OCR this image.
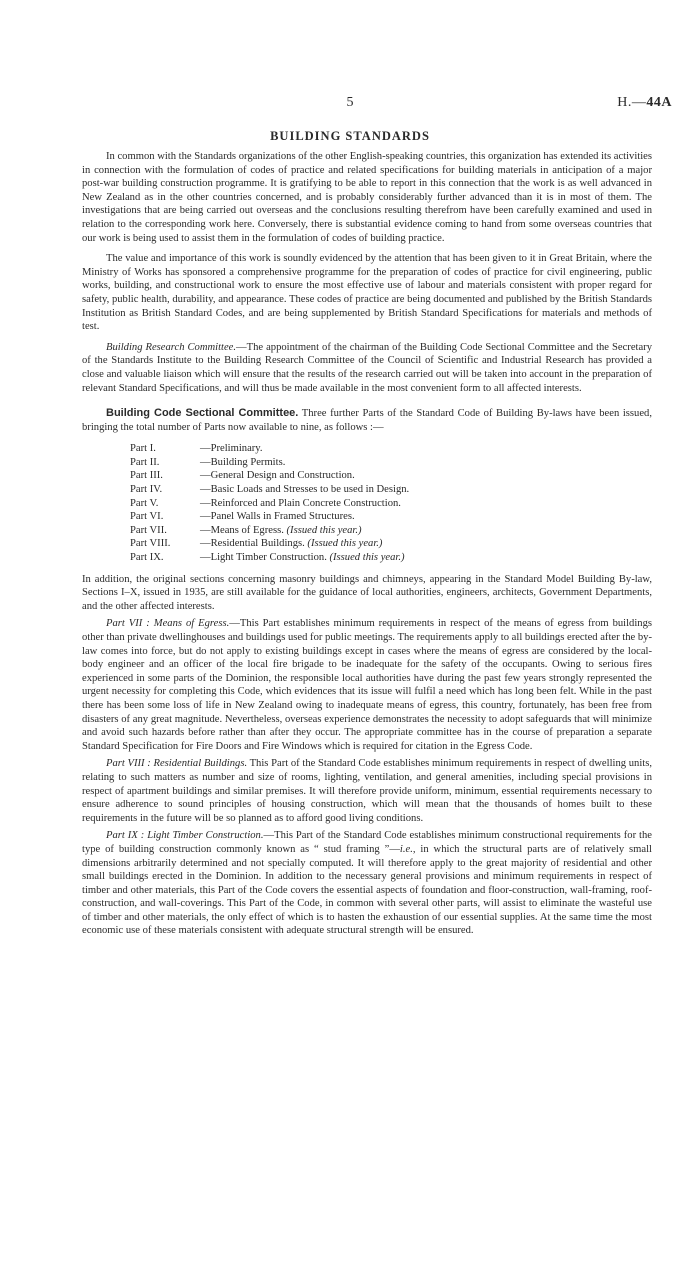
5	H.—44A
BUILDING STANDARDS

In common with the Standards organizations of the other English-speaking countries, this organization has extended its activities in connection with the formulation of codes of practice and related specifications for building materials in anticipation of a major post-war building construction programme. It is gratifying to be able to report in this connection that the work is as well advanced in New Zealand as in the other countries concerned, and is probably considerably further advanced than it is in most of them. The investigations that are being carried out overseas and the conclusions resulting therefrom have been carefully examined and used in relation to the corresponding work here. Conversely, there is substantial evidence coming to hand from some overseas countries that our work is being used to assist them in the formulation of codes of building practice.

The value and importance of this work is soundly evidenced by the attention that has been given to it in Great Britain, where the Ministry of Works has sponsored a comprehensive programme for the preparation of codes of practice for civil engineering, public works, building, and constructional work to ensure the most effective use of labour and materials consistent with proper regard for safety, public health, durability, and appearance. These codes of practice are being documented and published by the British Standards Institution as British Standard Codes, and are being supplemented by British Standard Specifications for materials and methods of test.

Building Research Committee.—The appointment of the chairman of the Building Code Sectional Committee and the Secretary of the Standards Institute to the Building Research Committee of the Council of Scientific and Industrial Research has provided a close and valuable liaison which will ensure that the results of the research carried out will be taken into account in the preparation of relevant Standard Specifications, and will thus be made available in the most convenient form to all affected interests.

Building Code Sectional Committee. Three further Parts of the Standard Code of Building By-laws have been issued, bringing the total number of Parts now available to nine, as follows :—

Part I.	—Preliminary.
Part II.	—Building Permits.
Part III.	—General Design and Construction.
Part IV.	—Basic Loads and Stresses to be used in Design.
Part V.	—Reinforced and Plain Concrete Construction.
Part VI.	—Panel Walls in Framed Structures.
Part VII.	—Means of Egress. (Issued this year.)
Part VIII.	—Residential Buildings. (Issued this year.)
Part IX.	—Light Timber Construction. (Issued this year.)

In addition, the original sections concerning masonry buildings and chimneys, appearing in the Standard Model Building By-law, Sections I–X, issued in 1935, are still available for the guidance of local authorities, engineers, architects, Government Departments, and the other affected interests.

Part VII : Means of Egress.—This Part establishes minimum requirements in respect of the means of egress from buildings other than private dwellinghouses and buildings used for public meetings. The requirements apply to all buildings erected after the by-law comes into force, but do not apply to existing buildings except in cases where the means of egress are considered by the local-body engineer and an officer of the local fire brigade to be inadequate for the safety of the occupants. Owing to serious fires experienced in some parts of the Dominion, the responsible local authorities have during the past few years strongly represented the urgent necessity for completing this Code, which evidences that its issue will fulfil a need which has long been felt. While in the past there has been some loss of life in New Zealand owing to inadequate means of egress, this country, fortunately, has been free from disasters of any great magnitude. Nevertheless, overseas experience demonstrates the necessity to adopt safeguards that will minimize and avoid such hazards before rather than after they occur. The appropriate committee has in the course of preparation a separate Standard Specification for Fire Doors and Fire Windows which is required for citation in the Egress Code.

Part VIII : Residential Buildings. This Part of the Standard Code establishes minimum requirements in respect of dwelling units, relating to such matters as number and size of rooms, lighting, ventilation, and general amenities, including special provisions in respect of apartment buildings and similar premises. It will therefore provide uniform, minimum, essential requirements necessary to ensure adherence to sound principles of housing construction, which will mean that the thousands of homes built to these requirements in the future will be so planned as to afford good living conditions.

Part IX : Light Timber Construction.—This Part of the Standard Code establishes minimum constructional requirements for the type of building construction commonly known as “ stud framing ”—i.e., in which the structural parts are of relatively small dimensions arbitrarily determined and not specially computed. It will therefore apply to the great majority of residential and other small buildings erected in the Dominion. In addition to the necessary general provisions and minimum requirements in respect of timber and other materials, this Part of the Code covers the essential aspects of foundation and floor-construction, wall-framing, roof-construction, and wall-coverings. This Part of the Code, in common with several other parts, will assist to eliminate the wasteful use of timber and other materials, the only effect of which is to hasten the exhaustion of our essential supplies. At the same time the most economic use of these materials consistent with adequate structural strength will be ensured.
